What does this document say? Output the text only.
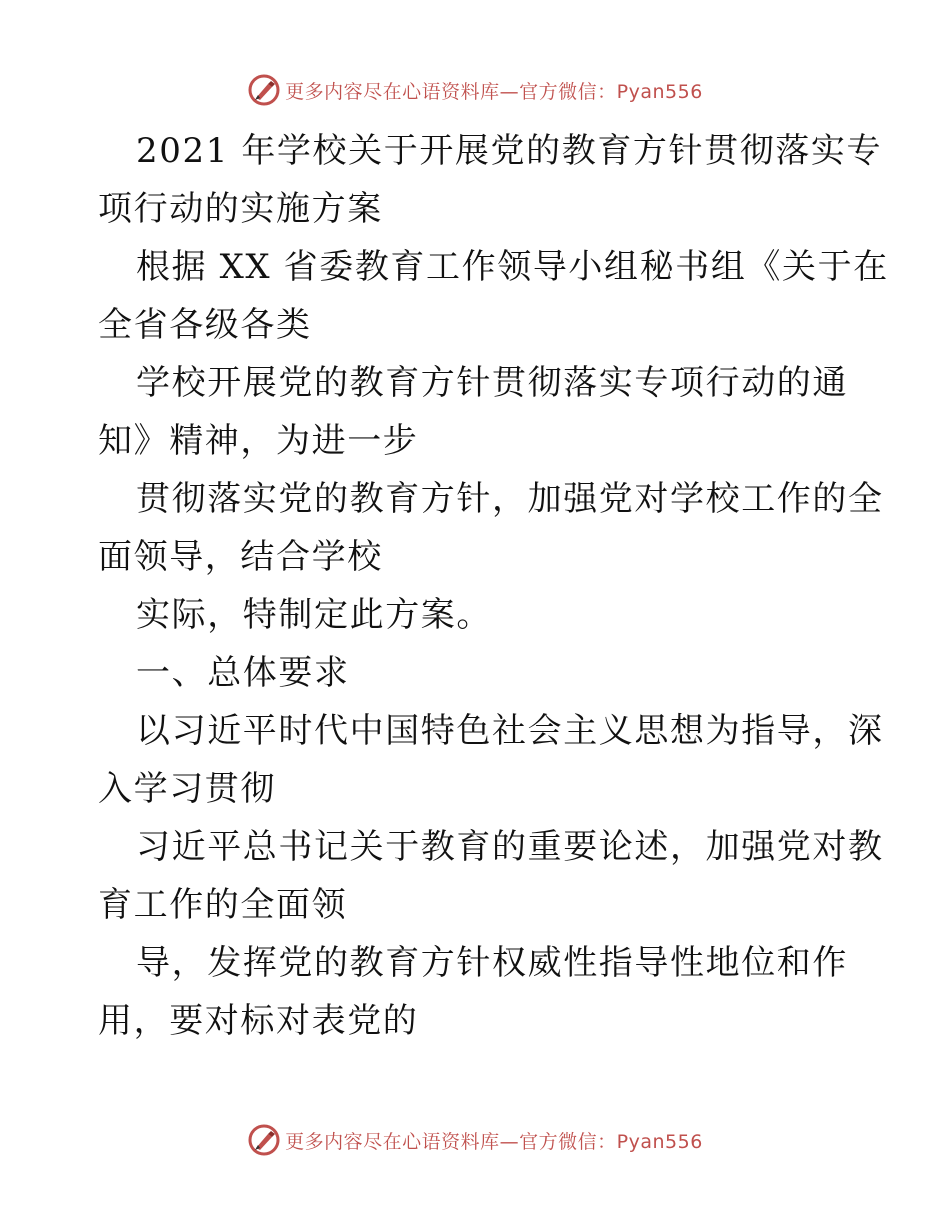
更多内容尽在心语资料库—官方微信：Pyan556
2021 年学校关于开展党的教育方针贯彻落实专
项行动的实施方案
根据 XX 省委教育工作领导小组秘书组《关于在
全省各级各类
学校开展党的教育方针贯彻落实专项行动的通
知》精神，为进一步
贯彻落实党的教育方针，加强党对学校工作的全
面领导，结合学校
实际，特制定此方案。
一、总体要求
以习近平时代中国特色社会主义思想为指导，深
入学习贯彻
习近平总书记关于教育的重要论述，加强党对教
育工作的全面领
导，发挥党的教育方针权威性指导性地位和作
用，要对标对表党的
更多内容尽在心语资料库—官方微信：Pyan556
